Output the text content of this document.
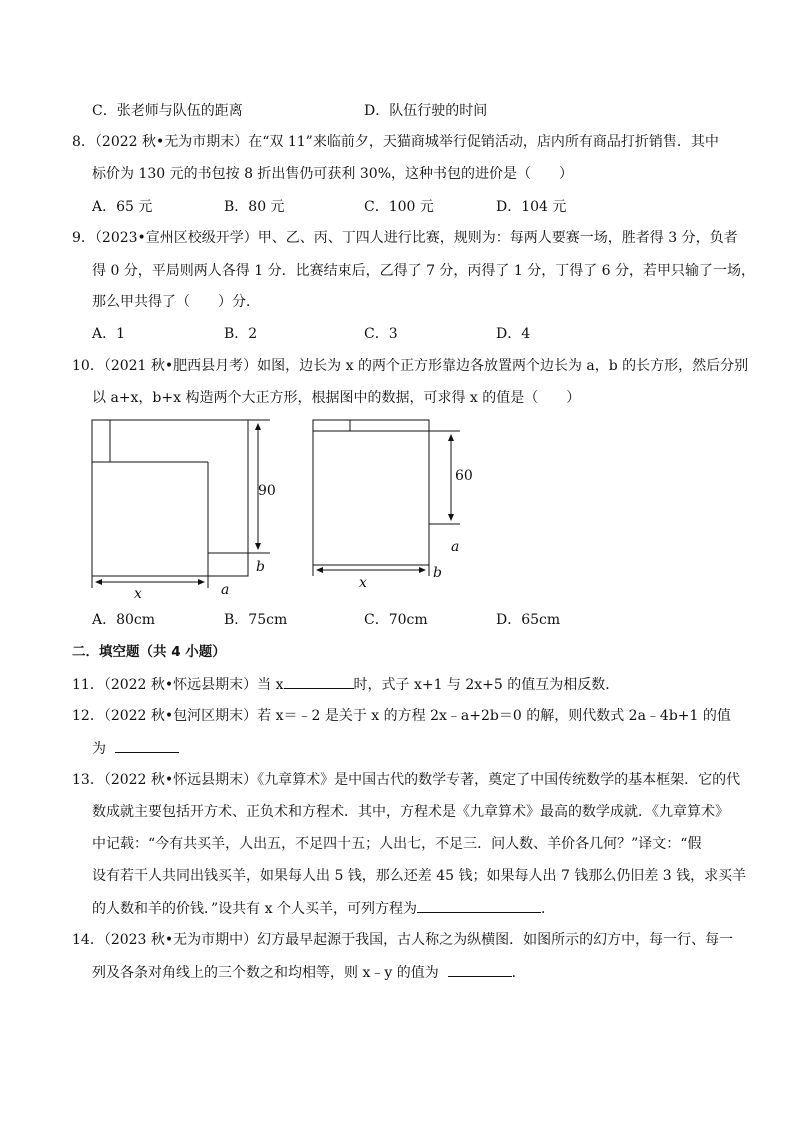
C．张老师与队伍的距离	D．队伍行驶的时间
8．（2022 秋•无为市期末）在“双 11”来临前夕，天猫商城举行促销活动，店内所有商品打折销售．其中
标价为 130 元的书包按 8 折出售仍可获利 30%，这种书包的进价是（　　）
A．65 元	B．80 元	C．100 元	D．104 元
9．（2023•宣州区校级开学）甲、乙、丙、丁四人进行比赛，规则为：每两人要赛一场，胜者得 3 分，负者
得 0 分，平局则两人各得 1 分．比赛结束后，乙得了 7 分，丙得了 1 分，丁得了 6 分，若甲只输了一场，
那么甲共得了（　　）分．
A．1	B．2	C．3	D．4
10．（2021 秋•肥西县月考）如图，边长为 x 的两个正方形靠边各放置两个边长为 a，b 的长方形，然后分别
以 a+x，b+x 构造两个大正方形，根据图中的数据，可求得 x 的值是（　　）
90
b
a
x
60
a
b
x
A．80cm	B．75cm	C．70cm	D．65cm
二．填空题（共 4 小题）
11．（2022 秋•怀远县期末）当 x	时，式子 x+1 与 2x+5 的值互为相反数．
12．（2022 秋•包河区期末）若 x＝﹣2 是关于 x 的方程 2x﹣a+2b＝0 的解，则代数式 2a﹣4b+1 的值
为
13．（2022 秋•怀远县期末）《九章算术》是中国古代的数学专著，奠定了中国传统数学的基本框架．它的代
数成就主要包括开方术、正负术和方程术．其中，方程术是《九章算术》最高的数学成就．《九章算术》
中记载：“今有共买羊，人出五，不足四十五；人出七，不足三．问人数、羊价各几何？”译文：“假
设有若干人共同出钱买羊，如果每人出 5 钱，那么还差 45 钱；如果每人出 7 钱那么仍旧差 3 钱，求买羊
的人数和羊的价钱．”设共有 x 个人买羊，可列方程为	．
14．（2023 秋•无为市期中）幻方最早起源于我国，古人称之为纵横图．如图所示的幻方中，每一行、每一
列及各条对角线上的三个数之和均相等，则 x﹣y 的值为	．
